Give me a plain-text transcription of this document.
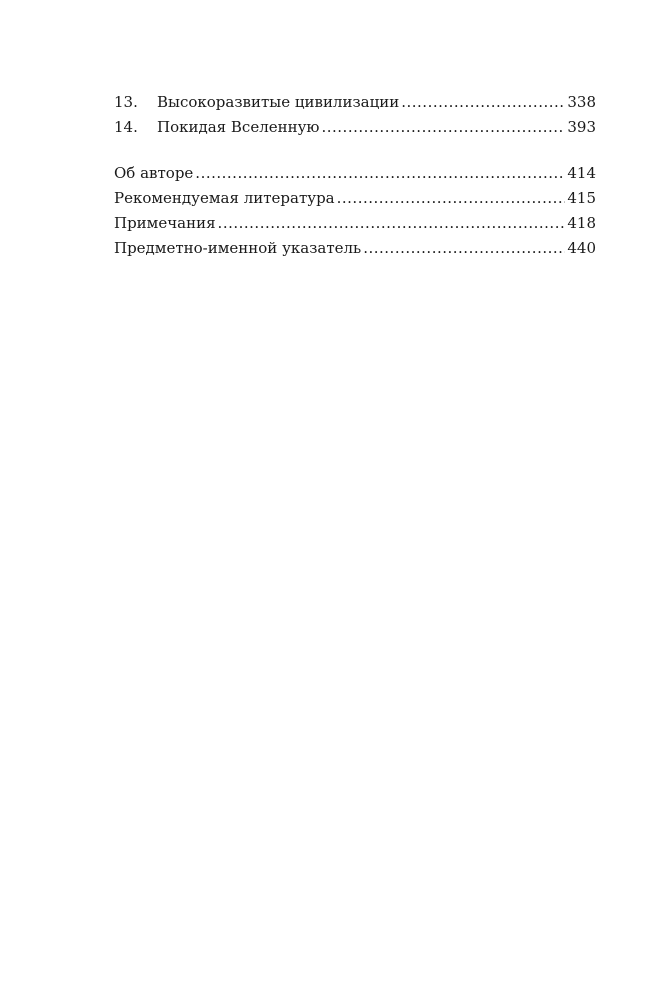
13.	Высокоразвитые цивилизации .....	338
14.	Покидая Вселенную .....	393
Об авторе .....	414
Рекомендуемая литература .....	415
Примечания .....	418
Предметно-именной указатель .....	440
